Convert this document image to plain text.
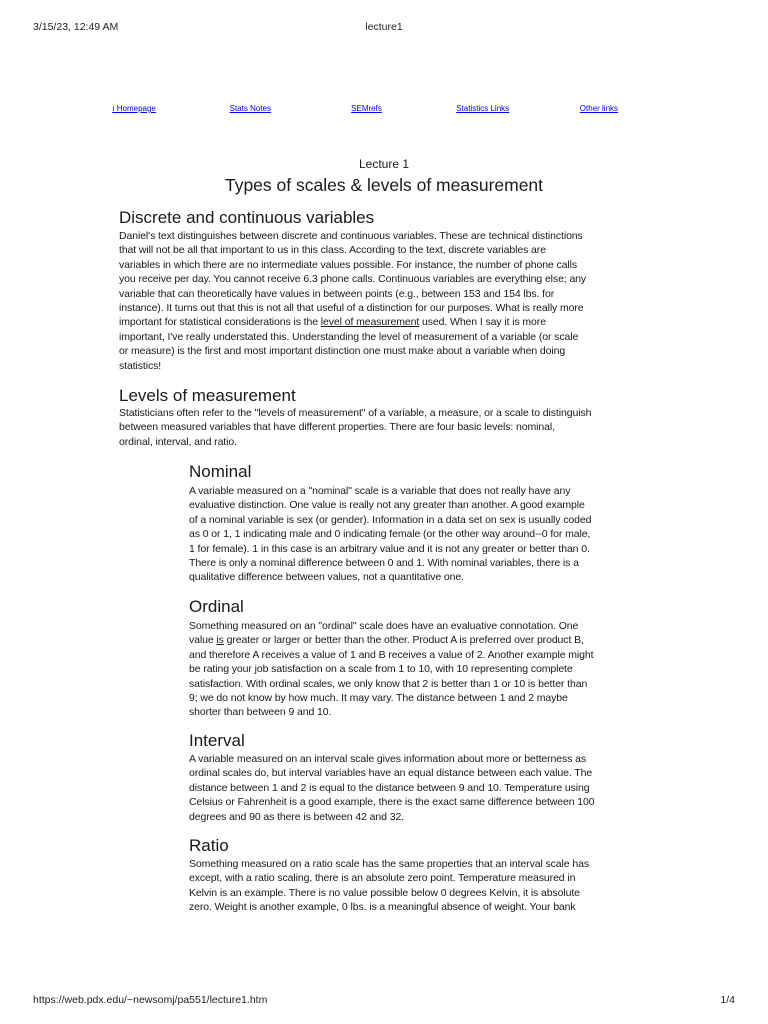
3/15/23, 12:49 AM	lecture1
ı Homepage	Stats Notes	SEMrefs	Statistics Links	Other links
Lecture 1
Types of scales & levels of measurement
Discrete and continuous variables
Daniel's text distinguishes between discrete and continuous variables. These are technical distinctions
that will not be all that important to us in this class. According to the text, discrete variables are
variables in which there are no intermediate values possible. For instance, the number of phone calls
you receive per day. You cannot receive 6.3 phone calls. Continuous variables are everything else; any
variable that can theoretically have values in between points (e.g., between 153 and 154 lbs. for
instance). It turns out that this is not all that useful of a distinction for our purposes. What is really more
important for statistical considerations is the level of measurement used. When I say it is more
important, I've really understated this. Understanding the level of measurement of a variable (or scale
or measure) is the first and most important distinction one must make about a variable when doing
statistics!
Levels of measurement
Statisticians often refer to the "levels of measurement" of a variable, a measure, or a scale to distinguish
between measured variables that have different properties. There are four basic levels: nominal,
ordinal, interval, and ratio.
Nominal
A variable measured on a "nominal" scale is a variable that does not really have any
evaluative distinction. One value is really not any greater than another. A good example
of a nominal variable is sex (or gender). Information in a data set on sex is usually coded
as 0 or 1, 1 indicating male and 0 indicating female (or the other way around--0 for male,
1 for female). 1 in this case is an arbitrary value and it is not any greater or better than 0.
There is only a nominal difference between 0 and 1. With nominal variables, there is a
qualitative difference between values, not a quantitative one.
Ordinal
Something measured on an "ordinal" scale does have an evaluative connotation. One
value is greater or larger or better than the other. Product A is preferred over product B,
and therefore A receives a value of 1 and B receives a value of 2. Another example might
be rating your job satisfaction on a scale from 1 to 10, with 10 representing complete
satisfaction. With ordinal scales, we only know that 2 is better than 1 or 10 is better than
9; we do not know by how much. It may vary. The distance between 1 and 2 maybe
shorter than between 9 and 10.
Interval
A variable measured on an interval scale gives information about more or betterness as
ordinal scales do, but interval variables have an equal distance between each value. The
distance between 1 and 2 is equal to the distance between 9 and 10. Temperature using
Celsius or Fahrenheit is a good example, there is the exact same difference between 100
degrees and 90 as there is between 42 and 32.
Ratio
Something measured on a ratio scale has the same properties that an interval scale has
except, with a ratio scaling, there is an absolute zero point. Temperature measured in
Kelvin is an example. There is no value possible below 0 degrees Kelvin, it is absolute
zero. Weight is another example, 0 lbs. is a meaningful absence of weight. Your bank
https://web.pdx.edu/~newsomj/pa551/lecture1.htm	1/4
